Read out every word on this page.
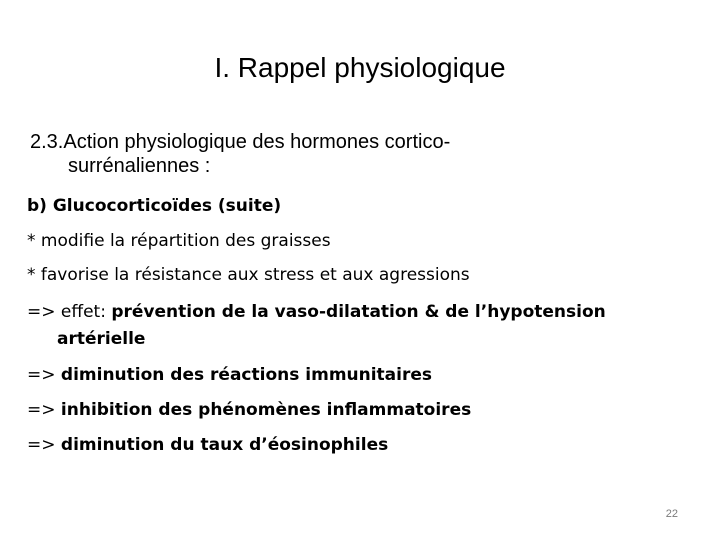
I. Rappel physiologique
2.3.Action physiologique des hormones cortico-
surrénaliennes :
b) Glucocorticoïdes (suite)
* modifie la répartition des graisses
* favorise la résistance aux stress et aux agressions
=> effet: prévention de la vaso-dilatation & de l’hypotension
artérielle
=> diminution des réactions immunitaires
=> inhibition des phénomènes inflammatoires
=> diminution du taux d’éosinophiles
22
